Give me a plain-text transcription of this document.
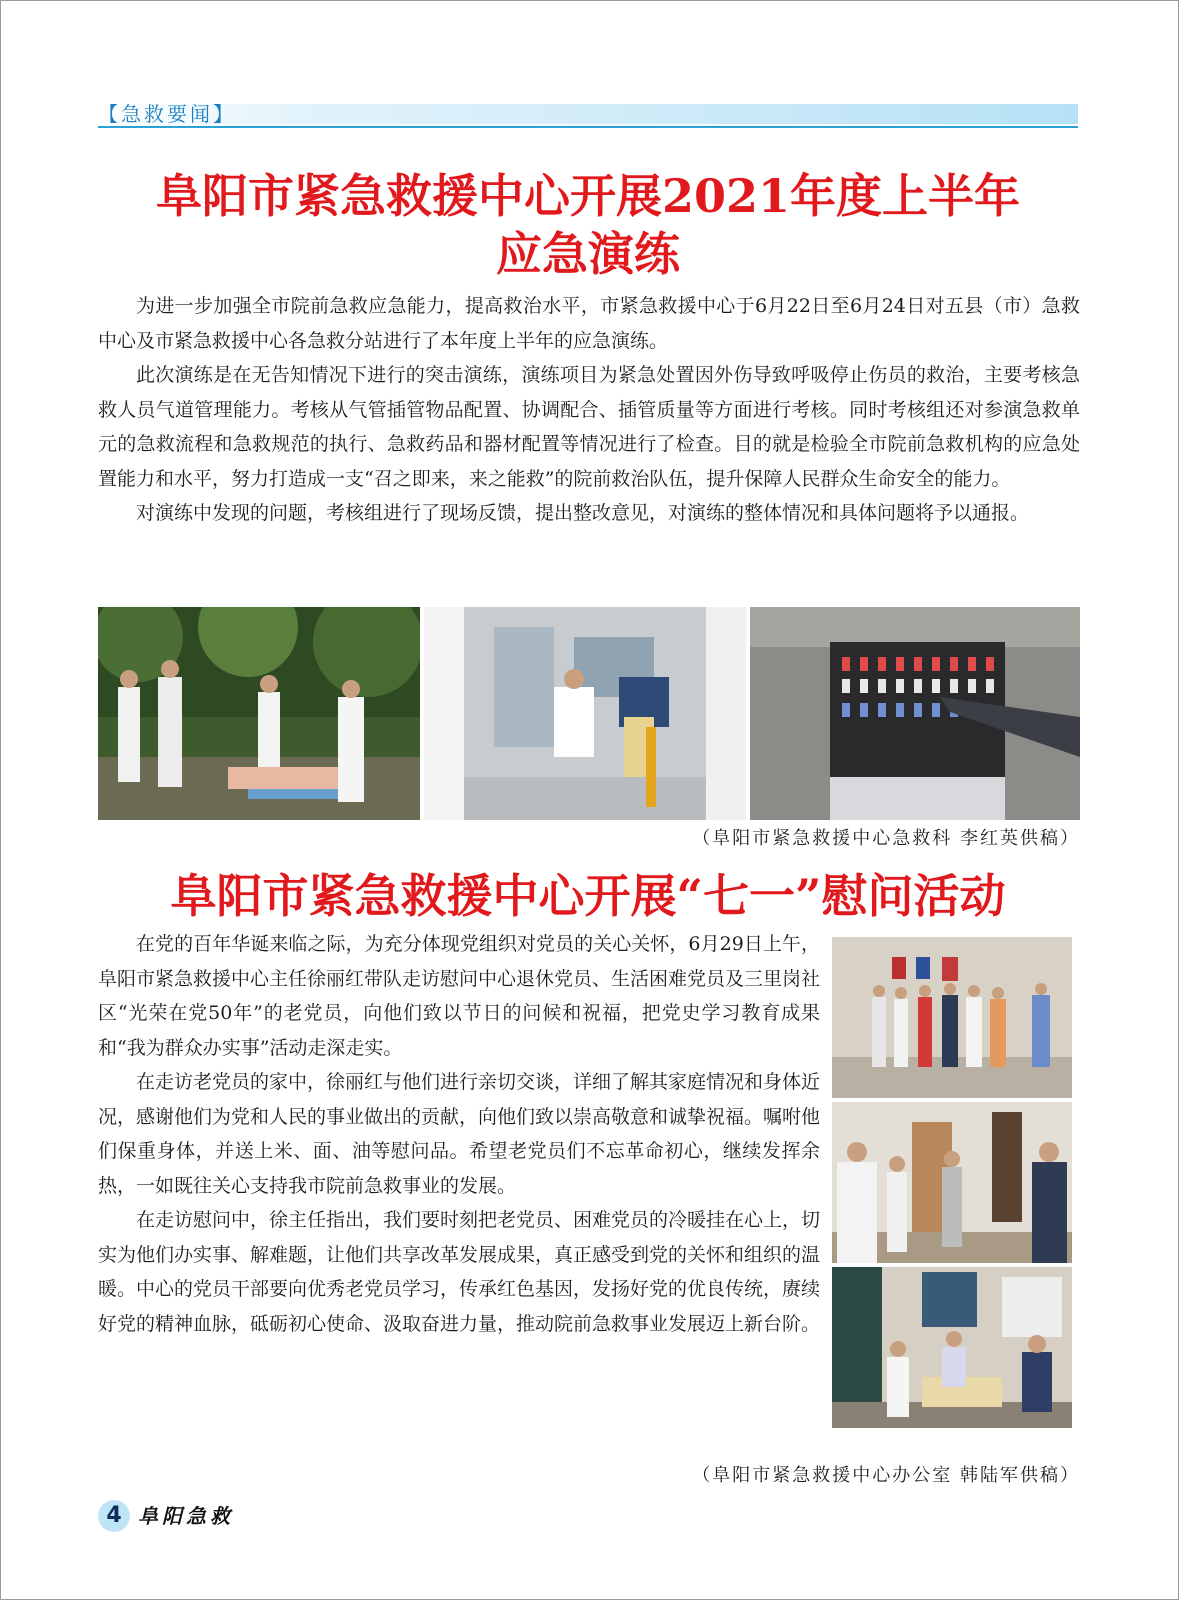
【急救要闻】
阜阳市紧急救援中心开展2021年度上半年
应急演练

为进一步加强全市院前急救应急能力，提高救治水平，市紧急救援中心于6月22日至6月24日对五县（市）急救中心及市紧急救援中心各急救分站进行了本年度上半年的应急演练。

此次演练是在无告知情况下进行的突击演练，演练项目为紧急处置因外伤导致呼吸停止伤员的救治，主要考核急救人员气道管理能力。考核从气管插管物品配置、协调配合、插管质量等方面进行考核。同时考核组还对参演急救单元的急救流程和急救规范的执行、急救药品和器材配置等情况进行了检查。目的就是检验全市院前急救机构的应急处置能力和水平，努力打造成一支“召之即来，来之能救”的院前救治队伍，提升保障人民群众生命安全的能力。

对演练中发现的问题，考核组进行了现场反馈，提出整改意见，对演练的整体情况和具体问题将予以通报。

（阜阳市紧急救援中心急救科 李红英供稿）
阜阳市紧急救援中心开展“七一”慰问活动

在党的百年华诞来临之际，为充分体现党组织对党员的关心关怀，6月29日上午，阜阳市紧急救援中心主任徐丽红带队走访慰问中心退休党员、生活困难党员及三里岗社区“光荣在党50年”的老党员，向他们致以节日的问候和祝福，把党史学习教育成果和“我为群众办实事”活动走深走实。

在走访老党员的家中，徐丽红与他们进行亲切交谈，详细了解其家庭情况和身体近况，感谢他们为党和人民的事业做出的贡献，向他们致以崇高敬意和诚挚祝福。嘱咐他们保重身体，并送上米、面、油等慰问品。希望老党员们不忘革命初心，继续发挥余热，一如既往关心支持我市院前急救事业的发展。

在走访慰问中，徐主任指出，我们要时刻把老党员、困难党员的冷暖挂在心上，切实为他们办实事、解难题，让他们共享改革发展成果，真正感受到党的关怀和组织的温暖。中心的党员干部要向优秀老党员学习，传承红色基因，发扬好党的优良传统，赓续好党的精神血脉，砥砺初心使命、汲取奋进力量，推动院前急救事业发展迈上新台阶。

（阜阳市紧急救援中心办公室 韩陆军供稿）
4 阜阳急救
